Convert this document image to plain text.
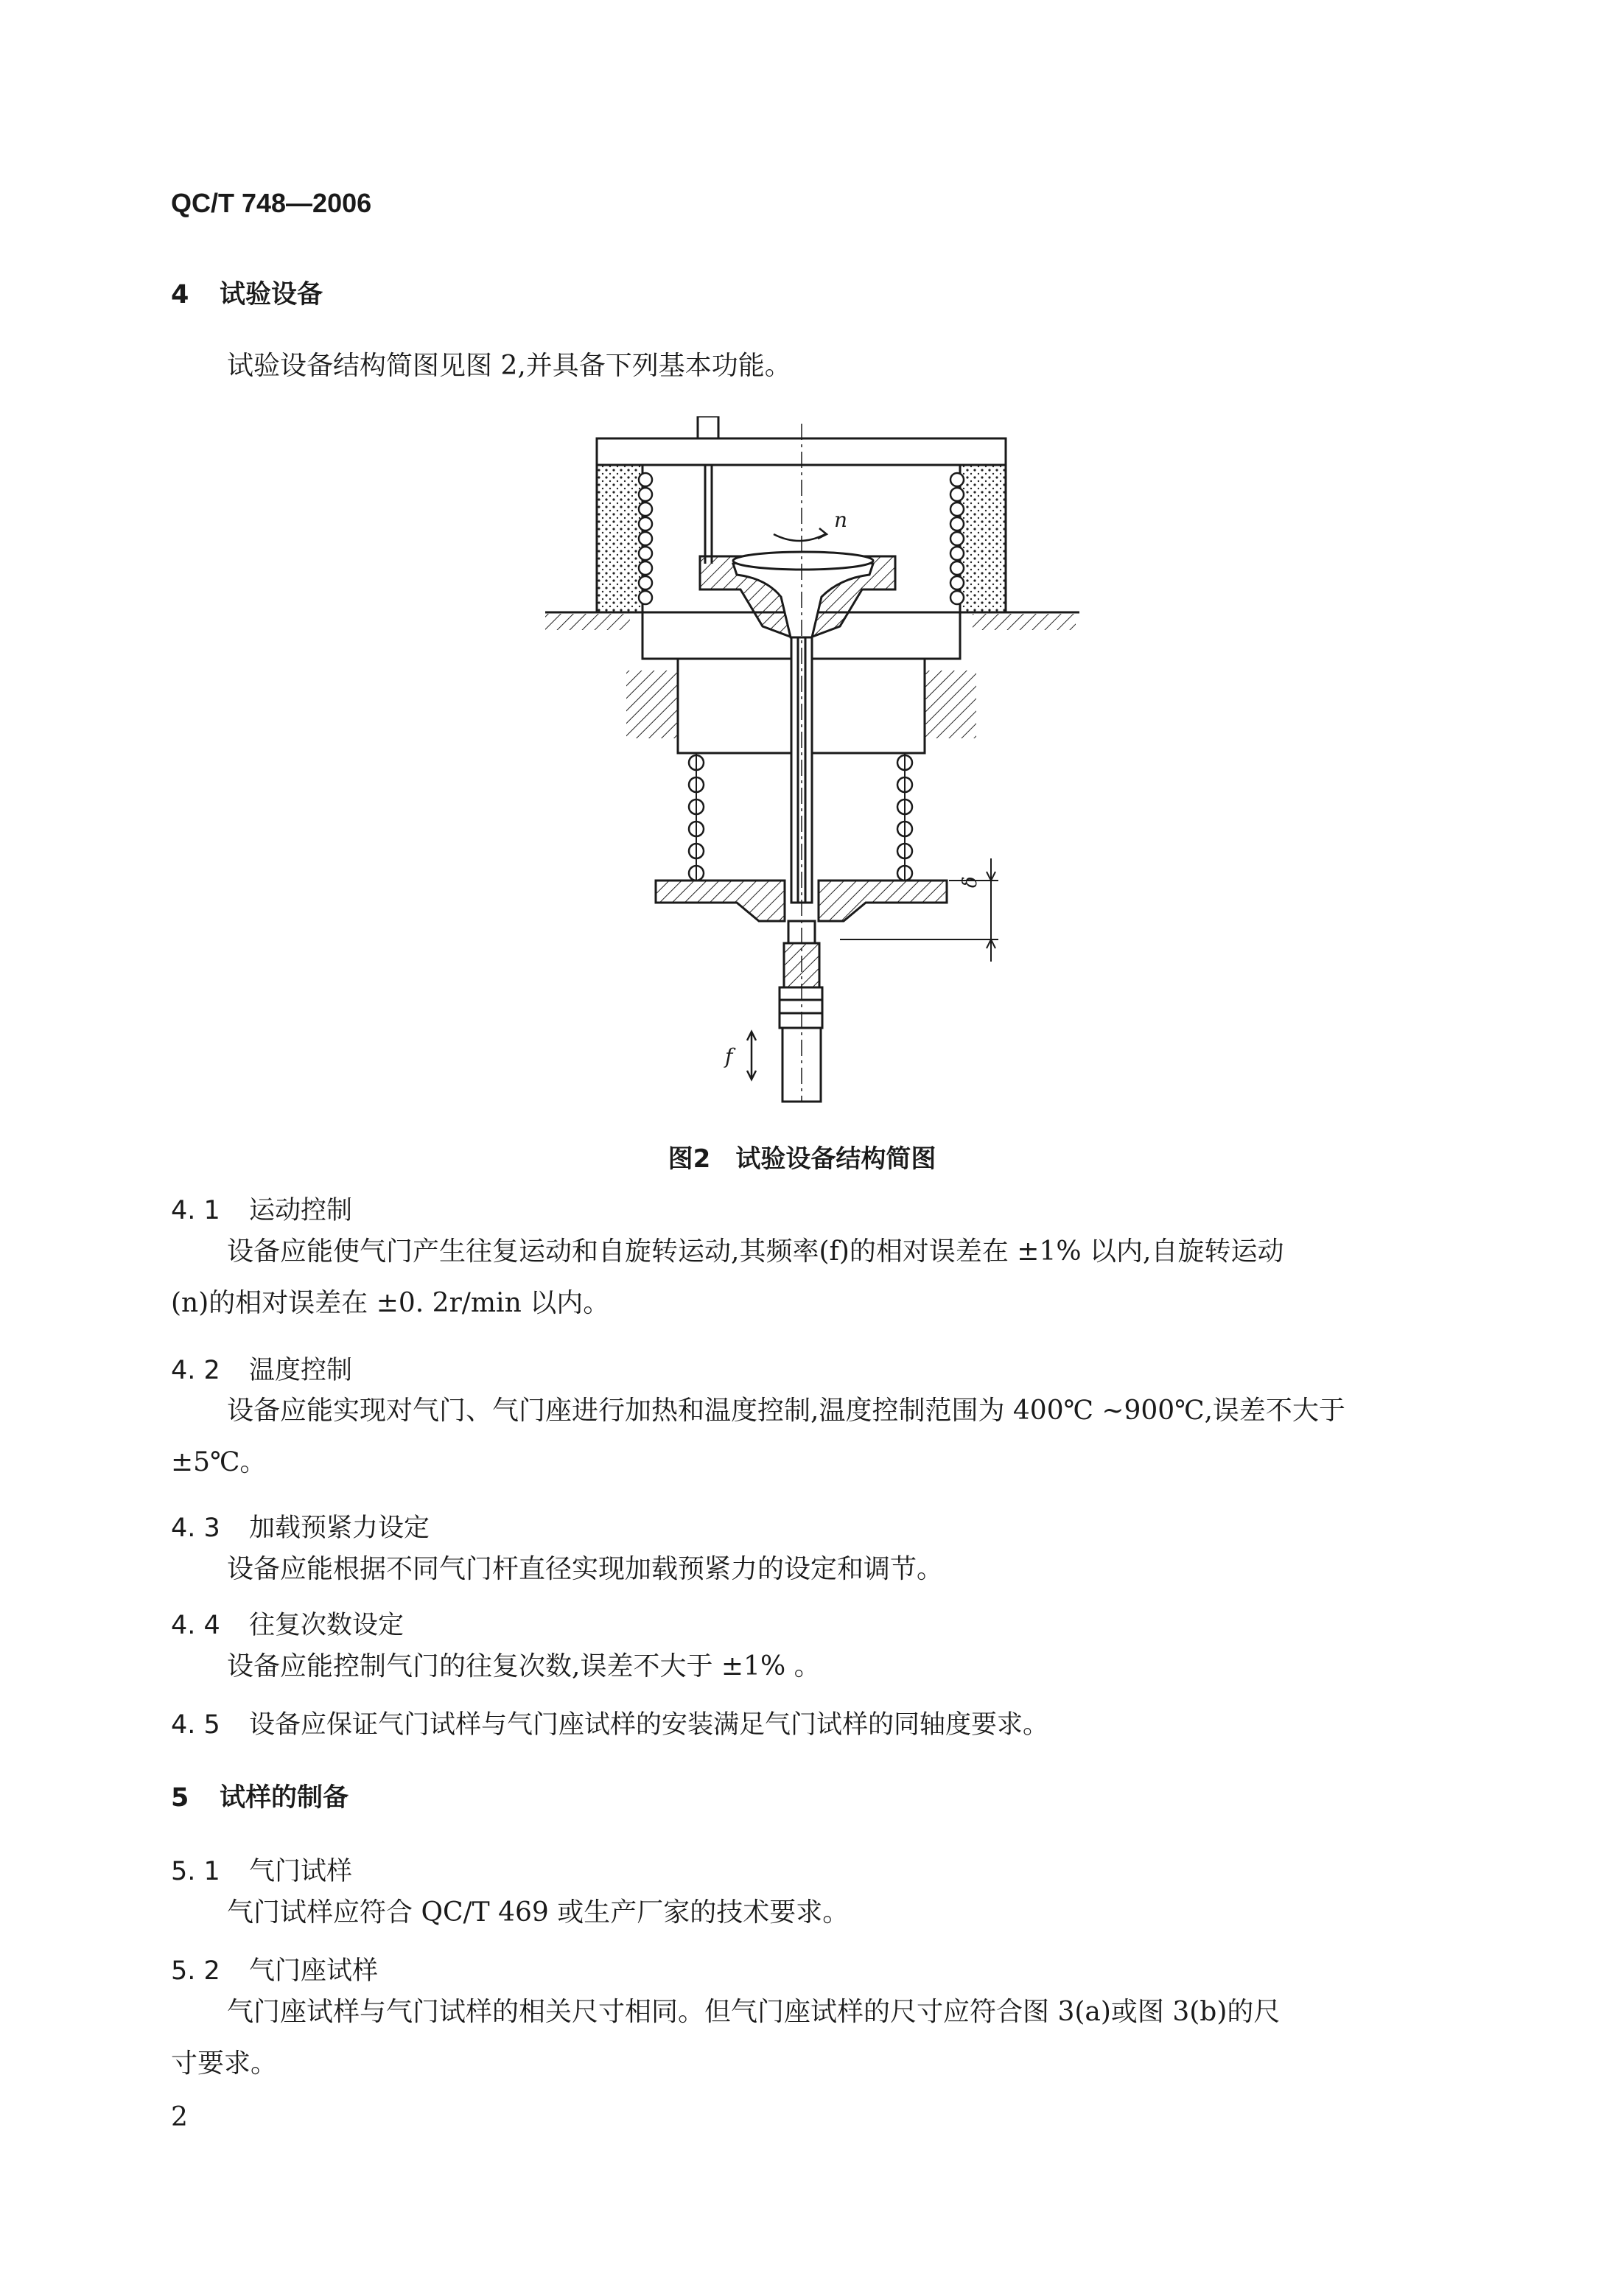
QC/T 748—2006
4 试验设备
试验设备结构简图见图 2,并具备下列基本功能。
n
δ
f
图2　试验设备结构简图
4. 1 运动控制
设备应能使气门产生往复运动和自旋转运动,其频率(f)的相对误差在 ±1% 以内,自旋转运动
(n)的相对误差在 ±0. 2r/min 以内。
4. 2 温度控制
设备应能实现对气门、气门座进行加热和温度控制,温度控制范围为 400℃ ~900℃,误差不大于
±5℃。
4. 3 加载预紧力设定
设备应能根据不同气门杆直径实现加载预紧力的设定和调节。
4. 4 往复次数设定
设备应能控制气门的往复次数,误差不大于 ±1% 。
4. 5 设备应保证气门试样与气门座试样的安装满足气门试样的同轴度要求。
5 试样的制备
5. 1 气门试样
气门试样应符合 QC/T 469 或生产厂家的技术要求。
5. 2 气门座试样
气门座试样与气门试样的相关尺寸相同。但气门座试样的尺寸应符合图 3(a)或图 3(b)的尺
寸要求。
2
